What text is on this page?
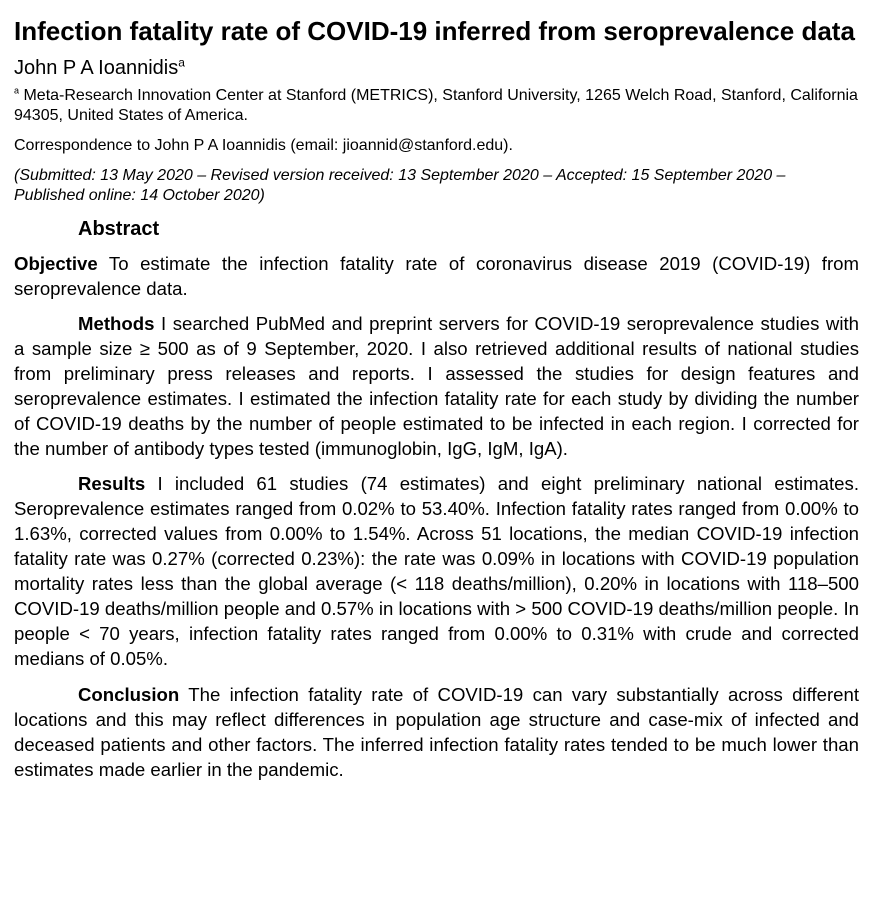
Infection fatality rate of COVID-19 inferred from seroprevalence data

John P A Ioannidis$^a$

$^a$ Meta-Research Innovation Center at Stanford (METRICS), Stanford University, 1265 Welch Road, Stanford, California 94305, United States of America.

Correspondence to John P A Ioannidis (email: jioannid@stanford.edu).

(Submitted: 13 May 2020 – Revised version received: 13 September 2020 – Accepted: 15 September 2020 – Published online: 14 October 2020)

Abstract

Objective To estimate the infection fatality rate of coronavirus disease 2019 (COVID-19) from seroprevalence data.

Methods I searched PubMed and preprint servers for COVID-19 seroprevalence studies with a sample size ≥ 500 as of 9 September, 2020. I also retrieved additional results of national studies from preliminary press releases and reports. I assessed the studies for design features and seroprevalence estimates. I estimated the infection fatality rate for each study by dividing the number of COVID-19 deaths by the number of people estimated to be infected in each region. I corrected for the number of antibody types tested (immunoglobin, IgG, IgM, IgA).

Results I included 61 studies (74 estimates) and eight preliminary national estimates. Seroprevalence estimates ranged from 0.02% to 53.40%. Infection fatality rates ranged from 0.00% to 1.63%, corrected values from 0.00% to 1.54%. Across 51 locations, the median COVID-19 infection fatality rate was 0.27% (corrected 0.23%): the rate was 0.09% in locations with COVID-19 population mortality rates less than the global average (< 118 deaths/million), 0.20% in locations with 118–500 COVID-19 deaths/million people and 0.57% in locations with > 500 COVID-19 deaths/million people. In people < 70 years, infection fatality rates ranged from 0.00% to 0.31% with crude and corrected medians of 0.05%.

Conclusion The infection fatality rate of COVID-19 can vary substantially across different locations and this may reflect differences in population age structure and case-mix of infected and deceased patients and other factors. The inferred infection fatality rates tended to be much lower than estimates made earlier in the pandemic.
